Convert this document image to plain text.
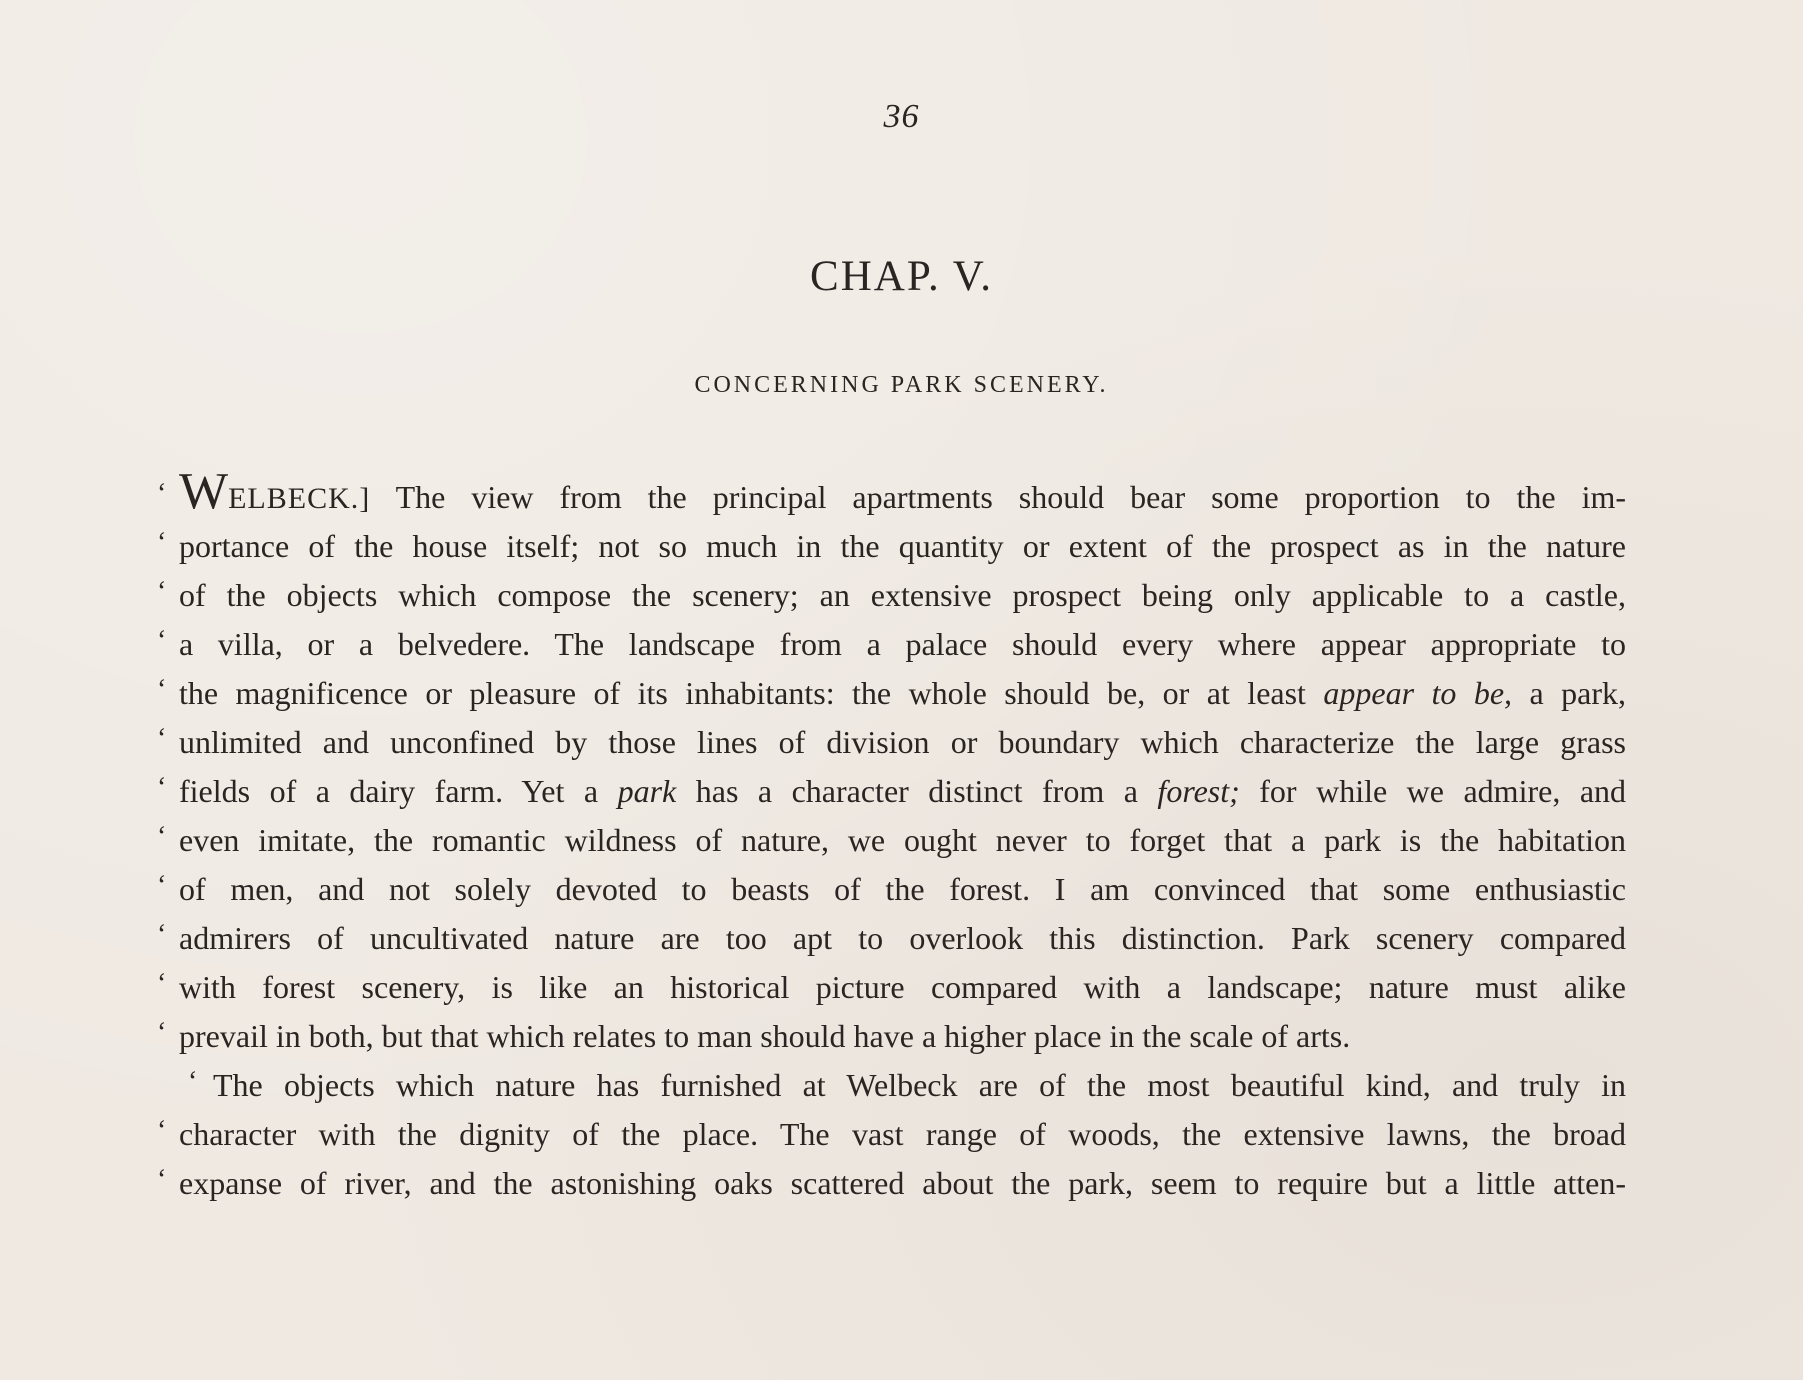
36
CHAP. V.
CONCERNING PARK SCENERY.
‘ WELBECK.] The view from the principal apartments should bear some proportion to the im-
‘ portance of the house itself; not so much in the quantity or extent of the prospect as in the nature
‘ of the objects which compose the scenery; an extensive prospect being only applicable to a castle,
‘ a villa, or a belvedere. The landscape from a palace should every where appear appropriate to
‘ the magnificence or pleasure of its inhabitants: the whole should be, or at least appear to be, a park,
‘ unlimited and unconfined by those lines of division or boundary which characterize the large grass
‘ fields of a dairy farm. Yet a park has a character distinct from a forest; for while we admire, and
‘ even imitate, the romantic wildness of nature, we ought never to forget that a park is the habitation
‘ of men, and not solely devoted to beasts of the forest. I am convinced that some enthusiastic
‘ admirers of uncultivated nature are too apt to overlook this distinction. Park scenery compared
‘ with forest scenery, is like an historical picture compared with a landscape; nature must alike
‘ prevail in both, but that which relates to man should have a higher place in the scale of arts.
‘ The objects which nature has furnished at Welbeck are of the most beautiful kind, and truly in
‘ character with the dignity of the place. The vast range of woods, the extensive lawns, the broad
‘ expanse of river, and the astonishing oaks scattered about the park, seem to require but a little atten-
